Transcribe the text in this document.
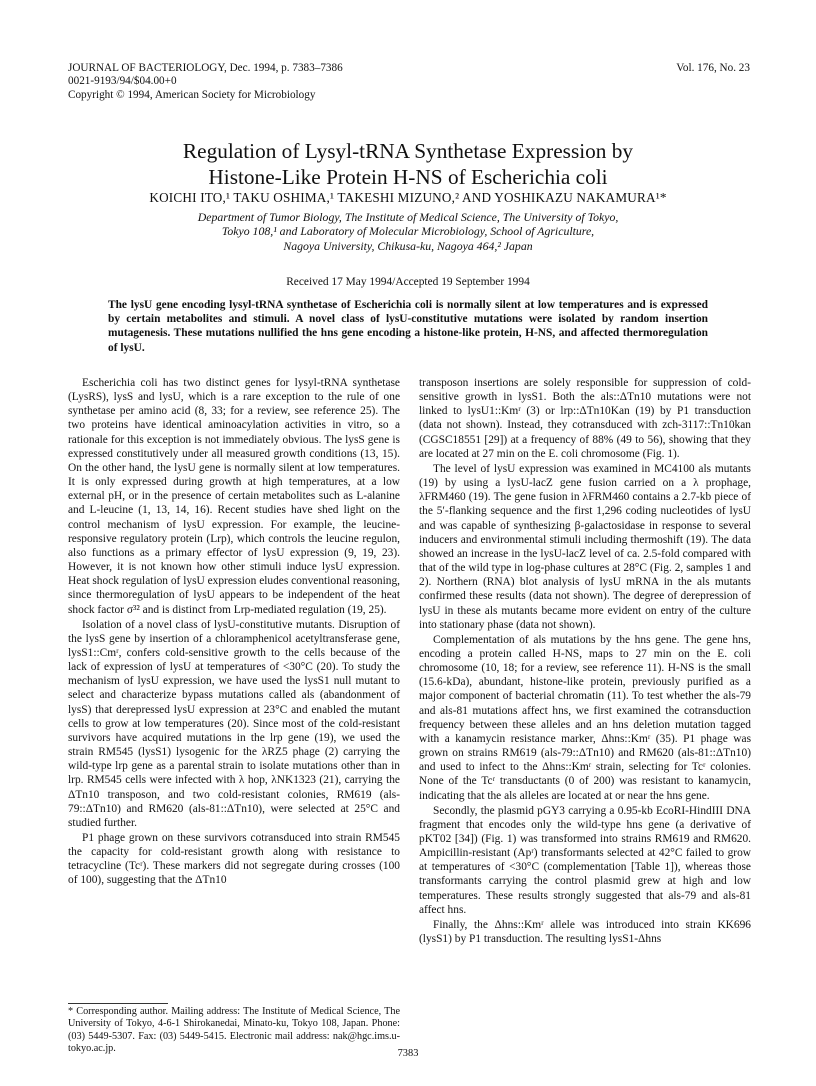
JOURNAL OF BACTERIOLOGY, Dec. 1994, p. 7383–7386
0021-9193/94/$04.00+0
Copyright © 1994, American Society for Microbiology
Vol. 176, No. 23
Regulation of Lysyl-tRNA Synthetase Expression by
Histone-Like Protein H-NS of Escherichia coli
KOICHI ITO,¹ TAKU OSHIMA,¹ TAKESHI MIZUNO,² AND YOSHIKAZU NAKAMURA¹*
Department of Tumor Biology, The Institute of Medical Science, The University of Tokyo,
Tokyo 108,¹ and Laboratory of Molecular Microbiology, School of Agriculture,
Nagoya University, Chikusa-ku, Nagoya 464,² Japan
Received 17 May 1994/Accepted 19 September 1994
The lysU gene encoding lysyl-tRNA synthetase of Escherichia coli is normally silent at low temperatures and is expressed by certain metabolites and stimuli. A novel class of lysU-constitutive mutations were isolated by random insertion mutagenesis. These mutations nullified the hns gene encoding a histone-like protein, H-NS, and affected thermoregulation of lysU.

Escherichia coli has two distinct genes for lysyl-tRNA synthetase (LysRS), lysS and lysU, which is a rare exception to the rule of one synthetase per amino acid (8, 33; for a review, see reference 25). The two proteins have identical aminoacylation activities in vitro, so a rationale for this exception is not immediately obvious. The lysS gene is expressed constitutively under all measured growth conditions (13, 15). On the other hand, the lysU gene is normally silent at low temperatures. It is only expressed during growth at high temperatures, at a low external pH, or in the presence of certain metabolites such as L-alanine and L-leucine (1, 13, 14, 16). Recent studies have shed light on the control mechanism of lysU expression. For example, the leucine-responsive regulatory protein (Lrp), which controls the leucine regulon, also functions as a primary effector of lysU expression (9, 19, 23). However, it is not known how other stimuli induce lysU expression. Heat shock regulation of lysU expression eludes conventional reasoning, since thermoregulation of lysU appears to be independent of the heat shock factor σ³² and is distinct from Lrp-mediated regulation (19, 25).

Isolation of a novel class of lysU-constitutive mutants. Disruption of the lysS gene by insertion of a chloramphenicol acetyltransferase gene, lysS1::Cmʳ, confers cold-sensitive growth to the cells because of the lack of expression of lysU at temperatures of <30°C (20). To study the mechanism of lysU expression, we have used the lysS1 null mutant to select and characterize bypass mutations called als (abandonment of lysS) that derepressed lysU expression at 23°C and enabled the mutant cells to grow at low temperatures (20). Since most of the cold-resistant survivors have acquired mutations in the lrp gene (19), we used the strain RM545 (lysS1) lysogenic for the λRZ5 phage (2) carrying the wild-type lrp gene as a parental strain to isolate mutations other than in lrp. RM545 cells were infected with λ hop, λNK1323 (21), carrying the ΔTn10 transposon, and two cold-resistant colonies, RM619 (als-79::ΔTn10) and RM620 (als-81::ΔTn10), were selected at 25°C and studied further.

P1 phage grown on these survivors cotransduced into strain RM545 the capacity for cold-resistant growth along with resistance to tetracycline (Tcʳ). These markers did not segregate during crosses (100 of 100), suggesting that the ΔTn10

transposon insertions are solely responsible for suppression of cold-sensitive growth in lysS1. Both the als::ΔTn10 mutations were not linked to lysU1::Kmʳ (3) or lrp::ΔTn10Kan (19) by P1 transduction (data not shown). Instead, they cotransduced with zch-3117::Tn10kan (CGSC18551 [29]) at a frequency of 88% (49 to 56), showing that they are located at 27 min on the E. coli chromosome (Fig. 1).

The level of lysU expression was examined in MC4100 als mutants (19) by using a lysU-lacZ gene fusion carried on a λ prophage, λFRM460 (19). The gene fusion in λFRM460 contains a 2.7-kb piece of the 5′-flanking sequence and the first 1,296 coding nucleotides of lysU and was capable of synthesizing β-galactosidase in response to several inducers and environmental stimuli including thermoshift (19). The data showed an increase in the lysU-lacZ level of ca. 2.5-fold compared with that of the wild type in log-phase cultures at 28°C (Fig. 2, samples 1 and 2). Northern (RNA) blot analysis of lysU mRNA in the als mutants confirmed these results (data not shown). The degree of derepression of lysU in these als mutants became more evident on entry of the culture into stationary phase (data not shown).

Complementation of als mutations by the hns gene. The gene hns, encoding a protein called H-NS, maps to 27 min on the E. coli chromosome (10, 18; for a review, see reference 11). H-NS is the small (15.6-kDa), abundant, histone-like protein, previously purified as a major component of bacterial chromatin (11). To test whether the als-79 and als-81 mutations affect hns, we first examined the cotransduction frequency between these alleles and an hns deletion mutation tagged with a kanamycin resistance marker, Δhns::Kmʳ (35). P1 phage was grown on strains RM619 (als-79::ΔTn10) and RM620 (als-81::ΔTn10) and used to infect to the Δhns::Kmʳ strain, selecting for Tcʳ colonies. None of the Tcʳ transductants (0 of 200) was resistant to kanamycin, indicating that the als alleles are located at or near the hns gene.

Secondly, the plasmid pGY3 carrying a 0.95-kb EcoRI-HindIII DNA fragment that encodes only the wild-type hns gene (a derivative of pKT02 [34]) (Fig. 1) was transformed into strains RM619 and RM620. Ampicillin-resistant (Apʳ) transformants selected at 42°C failed to grow at temperatures of <30°C (complementation [Table 1]), whereas those transformants carrying the control plasmid grew at high and low temperatures. These results strongly suggested that als-79 and als-81 affect hns.

Finally, the Δhns::Kmʳ allele was introduced into strain KK696 (lysS1) by P1 transduction. The resulting lysS1-Δhns

* Corresponding author. Mailing address: The Institute of Medical Science, The University of Tokyo, 4-6-1 Shirokanedai, Minato-ku, Tokyo 108, Japan. Phone: (03) 5449-5307. Fax: (03) 5449-5415. Electronic mail address: nak@hgc.ims.u-tokyo.ac.jp.	7383
